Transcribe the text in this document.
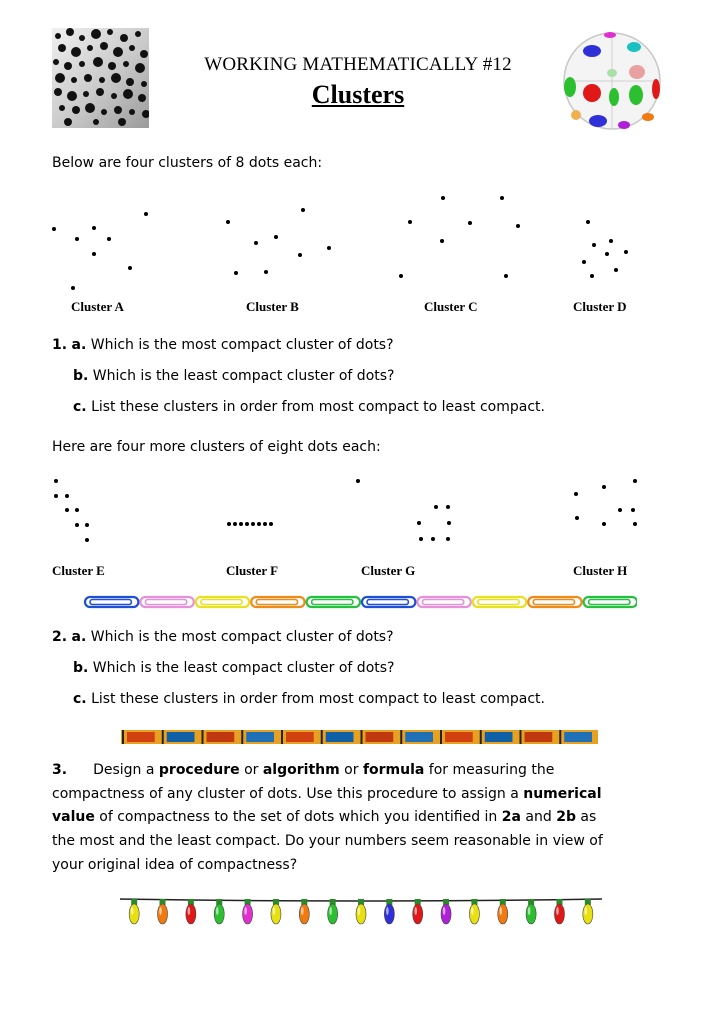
WORKING MATHEMATICALLY #12
Clusters
Below are four clusters of 8 dots each:
Cluster A	Cluster B	Cluster C	Cluster D
1. a. Which is the most compact cluster of dots?
b. Which is the least compact cluster of dots?
c. List these clusters in order from most compact to least compact.
Here are four more clusters of eight dots each:
Cluster E	Cluster F	Cluster G	Cluster H
2. a. Which is the most compact cluster of dots?
b. Which is the least compact cluster of dots?
c. List these clusters in order from most compact to least compact.
3. Design a procedure or algorithm or formula for measuring the
compactness of any cluster of dots. Use this procedure to assign a numerical
value of compactness to the set of dots which you identified in 2a and 2b as
the most and the least compact. Do your numbers seem reasonable in view of
your original idea of compactness?
